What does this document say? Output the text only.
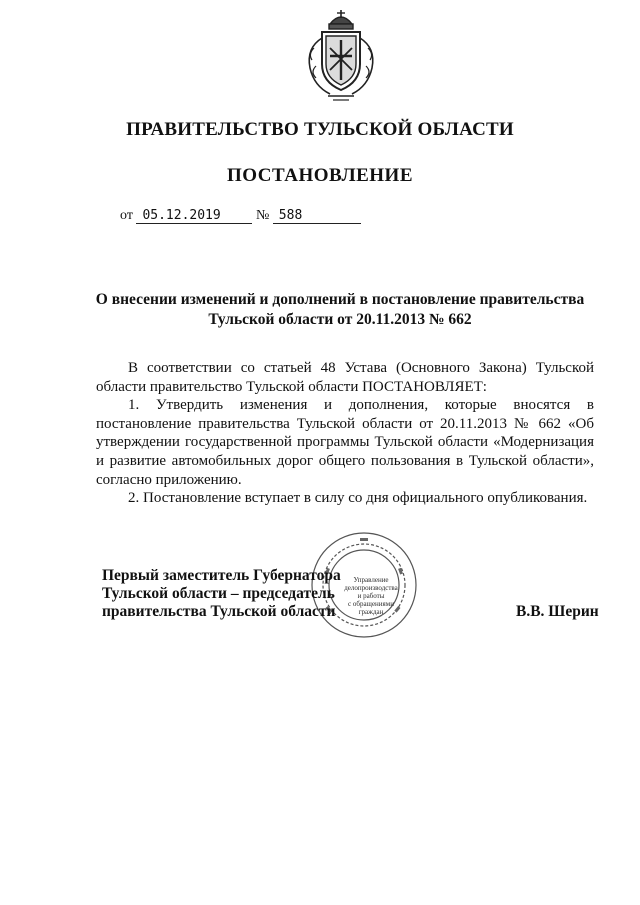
ПРАВИТЕЛЬСТВО ТУЛЬСКОЙ ОБЛАСТИ
ПОСТАНОВЛЕНИЕ
от 05.12.2019	№ 588
О внесении изменений и дополнений в постановление правительства
Тульской области от 20.11.2013 № 662

В соответствии со статьей 48 Устава (Основного Закона) Тульской области правительство Тульской области ПОСТАНОВЛЯЕТ:

1. Утвердить изменения и дополнения, которые вносятся в постановление правительства Тульской области от 20.11.2013 № 662 «Об утверждении государственной программы Тульской области «Модернизация и развитие автомобильных дорог общего пользования в Тульской области», согласно приложению.

2. Постановление вступает в силу со дня официального опубликования.

Управление
делопроизводства
и работы
с обращениями
граждан
Первый заместитель Губернатора
Тульской области – председатель
правительства Тульской области	В.В. Шерин
